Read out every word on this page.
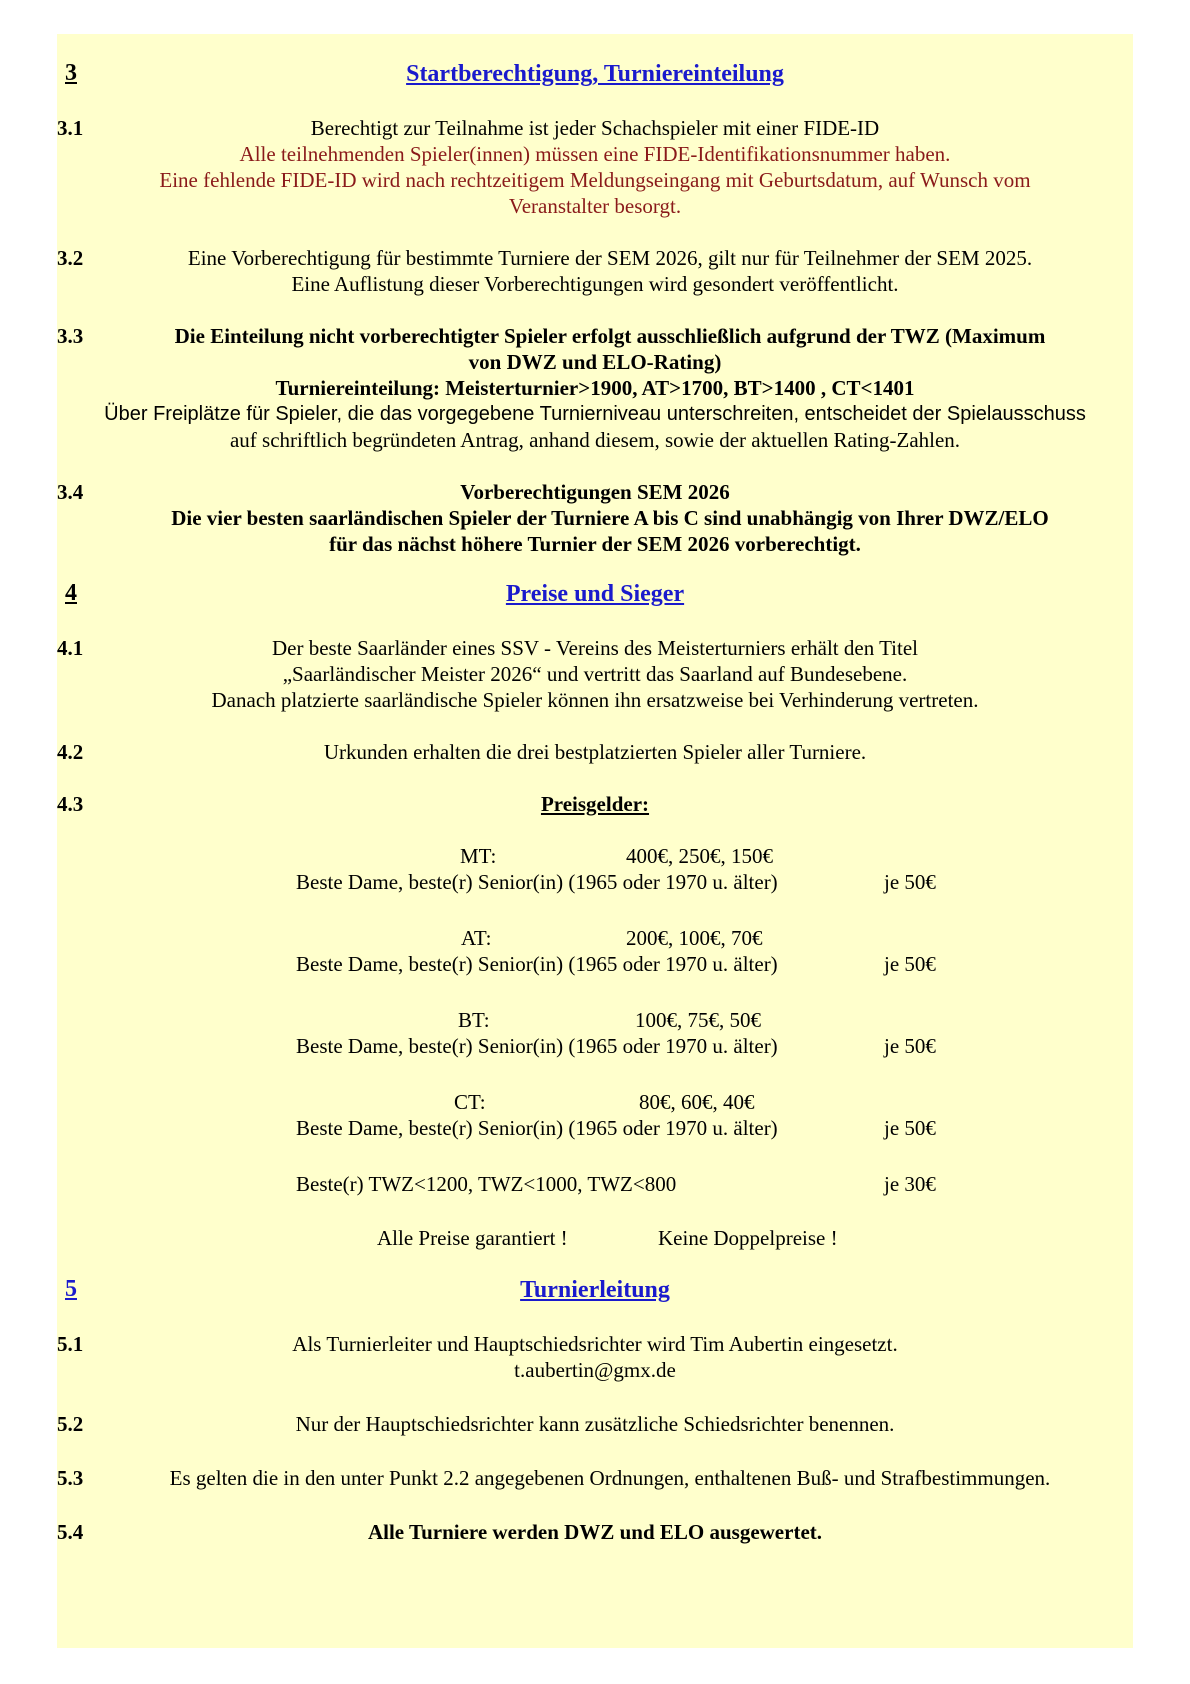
3	Startberechtigung, Turniereinteilung
3.1	Berechtigt zur Teilnahme ist jeder Schachspieler mit einer FIDE-ID
Alle teilnehmenden Spieler(innen) müssen eine FIDE-Identifikationsnummer haben.
Eine fehlende FIDE-ID wird nach rechtzeitigem Meldungseingang mit Geburtsdatum, auf Wunsch vom
Veranstalter besorgt.
3.2	Eine Vorberechtigung für bestimmte Turniere der SEM 2026, gilt nur für Teilnehmer der SEM 2025.
Eine Auflistung dieser Vorberechtigungen wird gesondert veröffentlicht.
3.3	Die Einteilung nicht vorberechtigter Spieler erfolgt ausschließlich aufgrund der TWZ (Maximum
von DWZ und ELO-Rating)
Turniereinteilung: Meisterturnier>1900, AT>1700, BT>1400 , CT<1401
Über Freiplätze für Spieler, die das vorgegebene Turnierniveau unterschreiten, entscheidet der Spielausschuss
auf schriftlich begründeten Antrag, anhand diesem, sowie der aktuellen Rating-Zahlen.
3.4	Vorberechtigungen SEM 2026
Die vier besten saarländischen Spieler der Turniere A bis C sind unabhängig von Ihrer DWZ/ELO
für das nächst höhere Turnier der SEM 2026 vorberechtigt.
4	Preise und Sieger
4.1	Der beste Saarländer eines SSV - Vereins des Meisterturniers erhält den Titel
„Saarländischer Meister 2026“ und vertritt das Saarland auf Bundesebene.
Danach platzierte saarländische Spieler können ihn ersatzweise bei Verhinderung vertreten.
4.2	Urkunden erhalten die drei bestplatzierten Spieler aller Turniere.
4.3	Preisgelder:
MT:	400€, 250€, 150€
Beste Dame, beste(r) Senior(in) (1965 oder 1970 u. älter)	je 50€
AT:	200€, 100€, 70€
Beste Dame, beste(r) Senior(in) (1965 oder 1970 u. älter)	je 50€
BT:	100€, 75€, 50€
Beste Dame, beste(r) Senior(in) (1965 oder 1970 u. älter)	je 50€
CT:	80€, 60€, 40€
Beste Dame, beste(r) Senior(in) (1965 oder 1970 u. älter)	je 50€
Beste(r) TWZ<1200, TWZ<1000, TWZ<800	je 30€
Alle Preise garantiert !	Keine Doppelpreise !
5	Turnierleitung
5.1	Als Turnierleiter und Hauptschiedsrichter wird Tim Aubertin eingesetzt.
t.aubertin@gmx.de
5.2	Nur der Hauptschiedsrichter kann zusätzliche Schiedsrichter benennen.
5.3	Es gelten die in den unter Punkt 2.2 angegebenen Ordnungen, enthaltenen Buß- und Strafbestimmungen.
5.4	Alle Turniere werden DWZ und ELO ausgewertet.
